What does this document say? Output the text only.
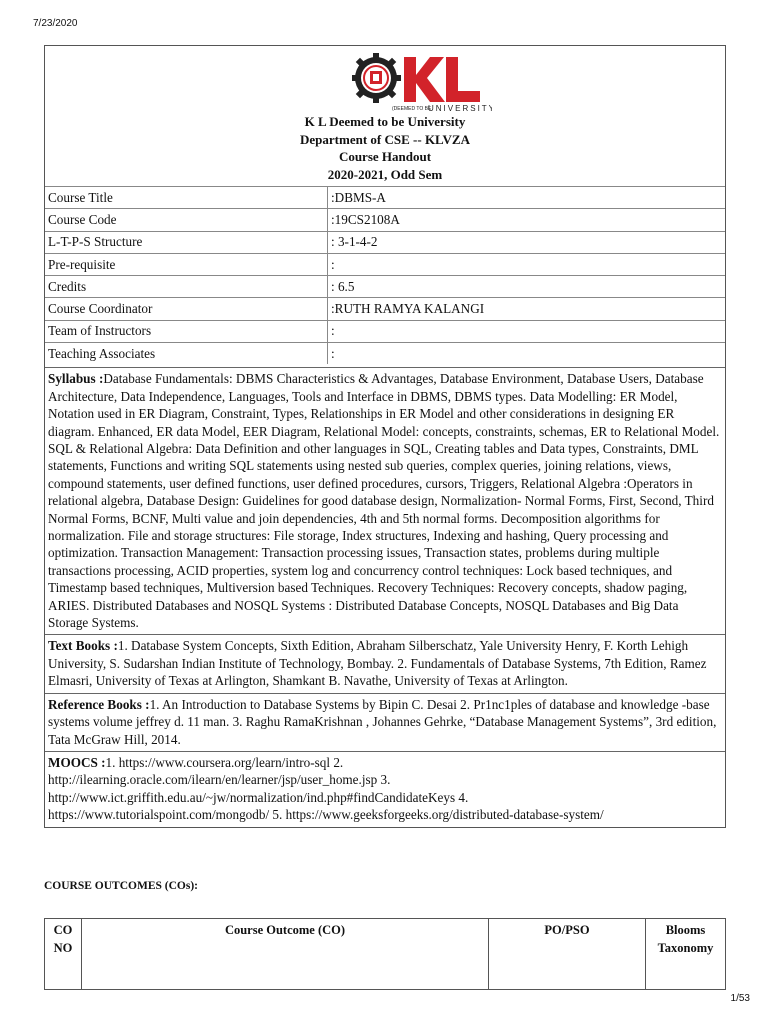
7/23/2020
(DEEMED TO BE
UNIVERSITY
K L Deemed to be University
Department of CSE -- KLVZA
Course Handout
2020-2021, Odd Sem
Course Title	:DBMS-A
Course Code	:19CS2108A
L-T-P-S Structure	: 3-1-4-2
Pre-requisite	:
Credits	: 6.5
Course Coordinator	:RUTH RAMYA KALANGI
Team of Instructors	:
Teaching Associates	:
Syllabus :Database Fundamentals: DBMS Characteristics & Advantages, Database Environment, Database Users, Database Architecture, Data Independence, Languages, Tools and Interface in DBMS, DBMS types. Data Modelling: ER Model, Notation used in ER Diagram, Constraint, Types, Relationships in ER Model and other considerations in designing ER diagram. Enhanced, ER data Model, EER Diagram, Relational Model: concepts, constraints, schemas, ER to Relational Model. SQL & Relational Algebra: Data Definition and other languages in SQL, Creating tables and Data types, Constraints, DML statements, Functions and writing SQL statements using nested sub queries, complex queries, joining relations, views, compound statements, user defined functions, user defined procedures, cursors, Triggers, Relational Algebra :Operators in relational algebra, Database Design: Guidelines for good database design, Normalization- Normal Forms, First, Second, Third Normal Forms, BCNF, Multi value and join dependencies, 4th and 5th normal forms. Decomposition algorithms for normalization. File and storage structures: File storage, Index structures, Indexing and hashing, Query processing and optimization. Transaction Management: Transaction processing issues, Transaction states, problems during multiple transactions processing, ACID properties, system log and concurrency control techniques: Lock based techniques, and Timestamp based techniques, Multiversion based Techniques. Recovery Techniques: Recovery concepts, shadow paging, ARIES. Distributed Databases and NOSQL Systems : Distributed Database Concepts, NOSQL Databases and Big Data Storage Systems.
Text Books :1. Database System Concepts, Sixth Edition, Abraham Silberschatz, Yale University Henry, F. Korth Lehigh University, S. Sudarshan Indian Institute of Technology, Bombay. 2. Fundamentals of Database Systems, 7th Edition, Ramez Elmasri, University of Texas at Arlington, Shamkant B. Navathe, University of Texas at Arlington.
Reference Books :1. An Introduction to Database Systems by Bipin C. Desai 2. Pr1nc1ples of database and knowledge -base systems volume jeffrey d. 11 man. 3. Raghu RamaKrishnan , Johannes Gehrke, “Database Management Systems”, 3rd edition, Tata McGraw Hill, 2014.
MOOCS :1. https://www.coursera.org/learn/intro-sql 2.
http://ilearning.oracle.com/ilearn/en/learner/jsp/user_home.jsp 3.
http://www.ict.griffith.edu.au/~jw/normalization/ind.php#findCandidateKeys 4.
https://www.tutorialspoint.com/mongodb/ 5. https://www.geeksforgeeks.org/distributed-database-system/
COURSE OUTCOMES (COs):
CO
NO	Course Outcome (CO)	PO/PSO	Blooms
Taxonomy
1/53
